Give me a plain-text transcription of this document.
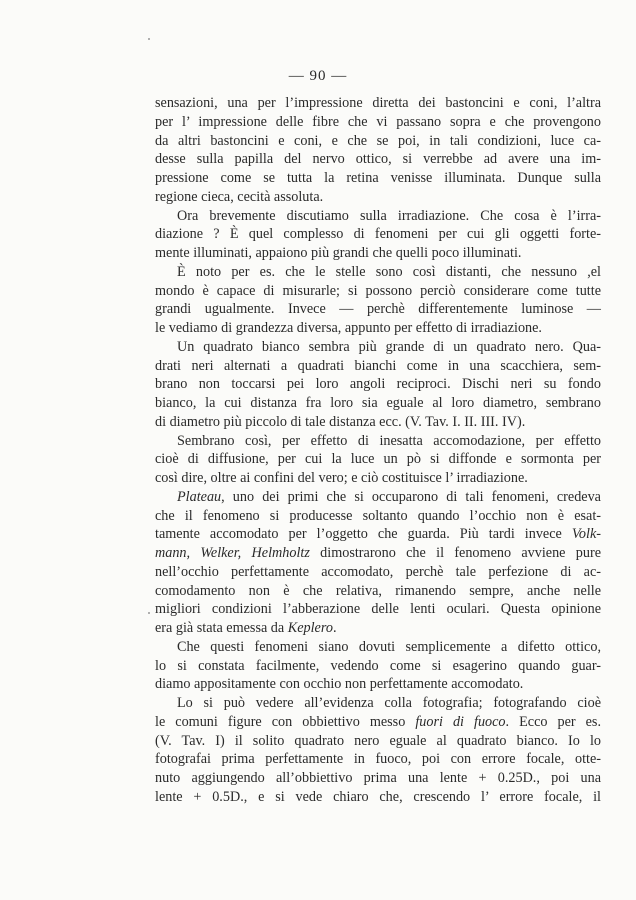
— 90 —
sensazioni, una per l’impressione diretta dei bastoncini e coni, l’altra
per l’ impressione delle fibre che vi passano sopra e che provengono
da altri bastoncini e coni, e che se poi, in tali condizioni, luce ca-
desse sulla papilla del nervo ottico, si verrebbe ad avere una im-
pressione come se tutta la retina venisse illuminata. Dunque sulla
regione cieca, cecità assoluta.
Ora brevemente discutiamo sulla irradiazione. Che cosa è l’irra-
diazione ? È quel complesso di fenomeni per cui gli oggetti forte-
mente illuminati, appaiono più grandi che quelli poco illuminati.
È noto per es. che le stelle sono così distanti, che nessuno ,el
mondo è capace di misurarle; si possono perciò considerare come tutte
grandi ugualmente. Invece — perchè differentemente luminose —
le vediamo di grandezza diversa, appunto per effetto di irradiazione.
Un quadrato bianco sembra più grande di un quadrato nero. Qua-
drati neri alternati a quadrati bianchi come in una scacchiera, sem-
brano non toccarsi pei loro angoli reciproci. Dischi neri su fondo
bianco, la cui distanza fra loro sia eguale al loro diametro, sembrano
di diametro più piccolo di tale distanza ecc. (V. Tav. I. II. III. IV).
Sembrano così, per effetto di inesatta accomodazione, per effetto
cioè di diffusione, per cui la luce un pò si diffonde e sormonta per
così dire, oltre ai confini del vero; e ciò costituisce l’ irradiazione.
Plateau, uno dei primi che si occuparono di tali fenomeni, credeva
che il fenomeno si producesse soltanto quando l’occhio non è esat-
tamente accomodato per l’oggetto che guarda. Più tardi invece Volk-
mann, Welker, Helmholtz dimostrarono che il fenomeno avviene pure
nell’occhio perfettamente accomodato, perchè tale perfezione di ac-
comodamento non è che relativa, rimanendo sempre, anche nelle
migliori condizioni l’abberazione delle lenti oculari. Questa opinione
era già stata emessa da Keplero.
Che questi fenomeni siano dovuti semplicemente a difetto ottico,
lo si constata facilmente, vedendo come si esagerino quando guar-
diamo appositamente con occhio non perfettamente accomodato.
Lo si può vedere all’evidenza colla fotografia; fotografando cioè
le comuni figure con obbiettivo messo fuori di fuoco. Ecco per es.
(V. Tav. I) il solito quadrato nero eguale al quadrato bianco. Io lo
fotografai prima perfettamente in fuoco, poi con errore focale, otte-
nuto aggiungendo all’obbiettivo prima una lente + 0.25D., poi una
lente + 0.5D., e si vede chiaro che, crescendo l’ errore focale, il
